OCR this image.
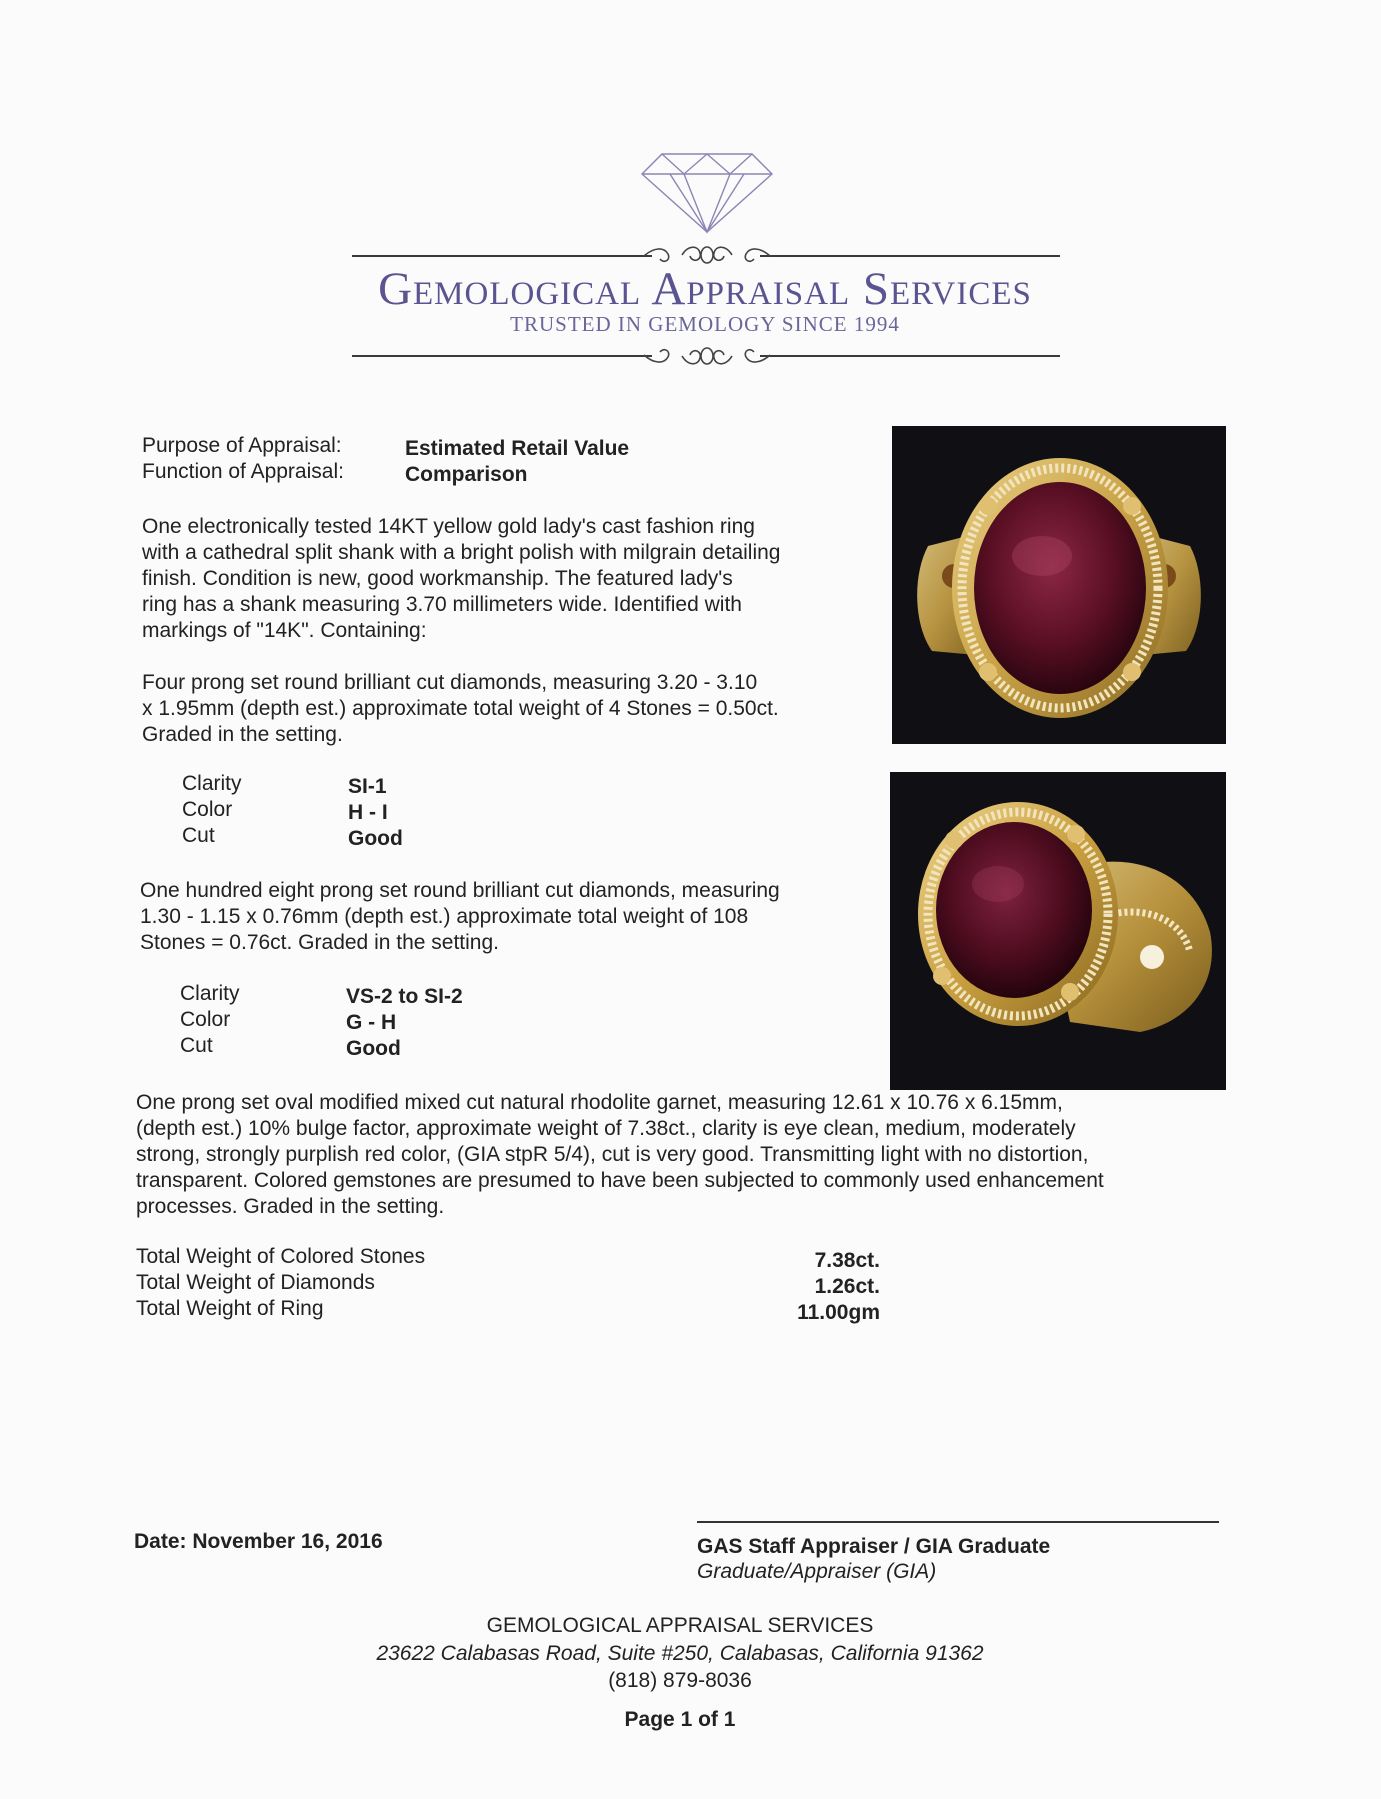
Gemological Appraisal Services
TRUSTED IN GEMOLOGY SINCE 1994
Purpose of Appraisal:	Estimated Retail Value
Function of Appraisal:	Comparison

One electronically tested 14KT yellow gold lady's cast fashion ring

with a cathedral split shank with a bright polish with milgrain detailing

finish. Condition is new, good workmanship. The featured lady's

ring has a shank measuring 3.70 millimeters wide. Identified with

markings of "14K". Containing:

Four prong set round brilliant cut diamonds, measuring 3.20 - 3.10

x 1.95mm (depth est.) approximate total weight of 4 Stones = 0.50ct.

Graded in the setting.

Clarity	SI-1
Color	H - I
Cut	Good

One hundred eight prong set round brilliant cut diamonds, measuring

1.30 - 1.15 x 0.76mm (depth est.) approximate total weight of 108

Stones = 0.76ct. Graded in the setting.

Clarity	VS-2 to SI-2
Color	G - H
Cut	Good

One prong set oval modified mixed cut natural rhodolite garnet, measuring 12.61 x 10.76 x 6.15mm,

(depth est.) 10% bulge factor, approximate weight of 7.38ct., clarity is eye clean, medium, moderately

strong, strongly purplish red color, (GIA stpR 5/4), cut is very good. Transmitting light with no distortion,

transparent. Colored gemstones are presumed to have been subjected to commonly used enhancement

processes. Graded in the setting.

Total Weight of Colored Stones	7.38ct.
Total Weight of Diamonds	1.26ct.
Total Weight of Ring	11.00gm
Date: November 16, 2016	GAS Staff Appraiser / GIA Graduate
Graduate/Appraiser (GIA)
GEMOLOGICAL APPRAISAL SERVICES
23622 Calabasas Road, Suite #250, Calabasas, California 91362
(818) 879-8036
Page 1 of 1
